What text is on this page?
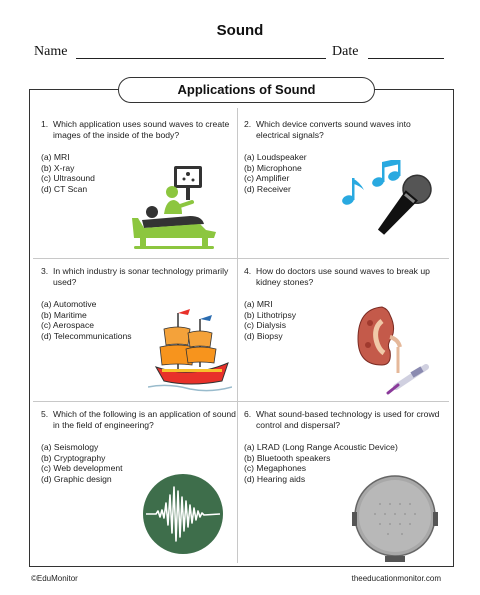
Sound
Name	Date
Applications of Sound
1. Which application uses sound waves to create images of the inside of the body?
(a) MRI
(b) X-ray
(c) Ultrasound
(d) CT Scan
2. Which device converts sound waves into electrical signals?
(a) Loudspeaker
(b) Microphone
(c) Amplifier
(d) Receiver
3. In which industry is sonar technology primarily used?
(a) Automotive
(b) Maritime
(c) Aerospace
(d) Telecommunications
4. How do doctors use sound waves to break up kidney stones?
(a) MRI
(b) Lithotripsy
(c) Dialysis
(d) Biopsy
5. Which of the following is an application of sound in the field of engineering?
(a) Seismology
(b) Cryptography
(c) Web development
(d) Graphic design
6. What sound-based technology is used for crowd control and dispersal?
(a) LRAD (Long Range Acoustic Device)
(b) Bluetooth speakers
(c) Megaphones
(d) Hearing aids
©EduMonitor	theeducationmonitor.com
